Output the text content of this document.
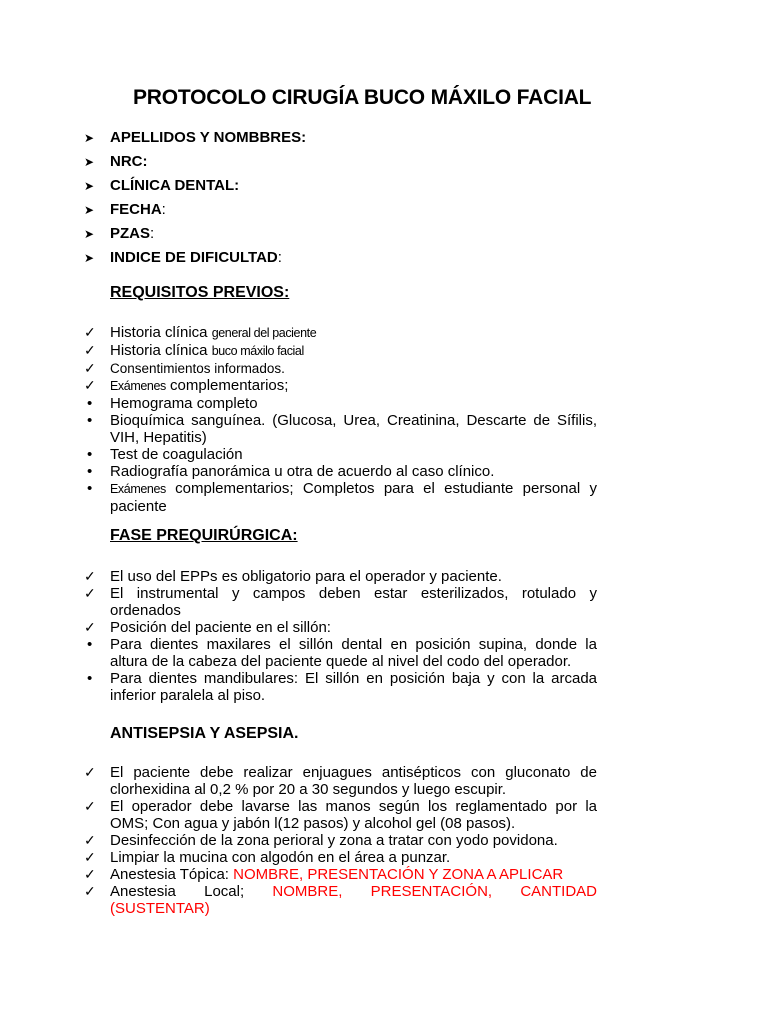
PROTOCOLO CIRUGÍA BUCO MÁXILO FACIAL
➤ APELLIDOS Y NOMBBRES:
➤ NRC:
➤ CLÍNICA DENTAL:
➤ FECHA:
➤ PZAS:
➤ INDICE DE DIFICULTAD:
REQUISITOS PREVIOS:
✓ Historia clínica general del paciente
✓ Historia clínica buco máxilo facial
✓	Consentimientos informados.
✓	Exámenes complementarios;
•	Hemograma completo
•	Bioquímica sanguínea. (Glucosa, Urea, Creatinina, Descarte de Sífilis, VIH, Hepatitis)
•	Test de coagulación
•	Radiografía panorámica u otra de acuerdo al caso clínico.
•	Exámenes complementarios; Completos para el estudiante personal y paciente
FASE PREQUIRÚRGICA:
✓ El uso del EPPs es obligatorio para el operador y paciente.
✓ El instrumental y campos deben estar esterilizados, rotulado y ordenados
✓ Posición del paciente en el sillón:
•	Para dientes maxilares el sillón dental en posición supina, donde la altura de la cabeza del paciente quede al nivel del codo del operador.
•	Para dientes mandibulares: El sillón en posición baja y con la arcada inferior paralela al piso.
ANTISEPSIA Y ASEPSIA.
✓ El paciente debe realizar enjuagues antisépticos con gluconato de clorhexidina al 0,2 % por 20 a 30 segundos y luego escupir.
✓ El operador debe lavarse las manos según los reglamentado por la OMS; Con agua y jabón l(12 pasos) y alcohol gel (08 pasos).
✓ Desinfección de la zona perioral y zona a tratar con yodo povidona.
✓ Limpiar la mucina con algodón en el área a punzar.
✓ Anestesia Tópica: NOMBRE, PRESENTACIÓN Y ZONA A APLICAR
✓ Anestesia Local; NOMBRE, PRESENTACIÓN, CANTIDAD (SUSTENTAR)
